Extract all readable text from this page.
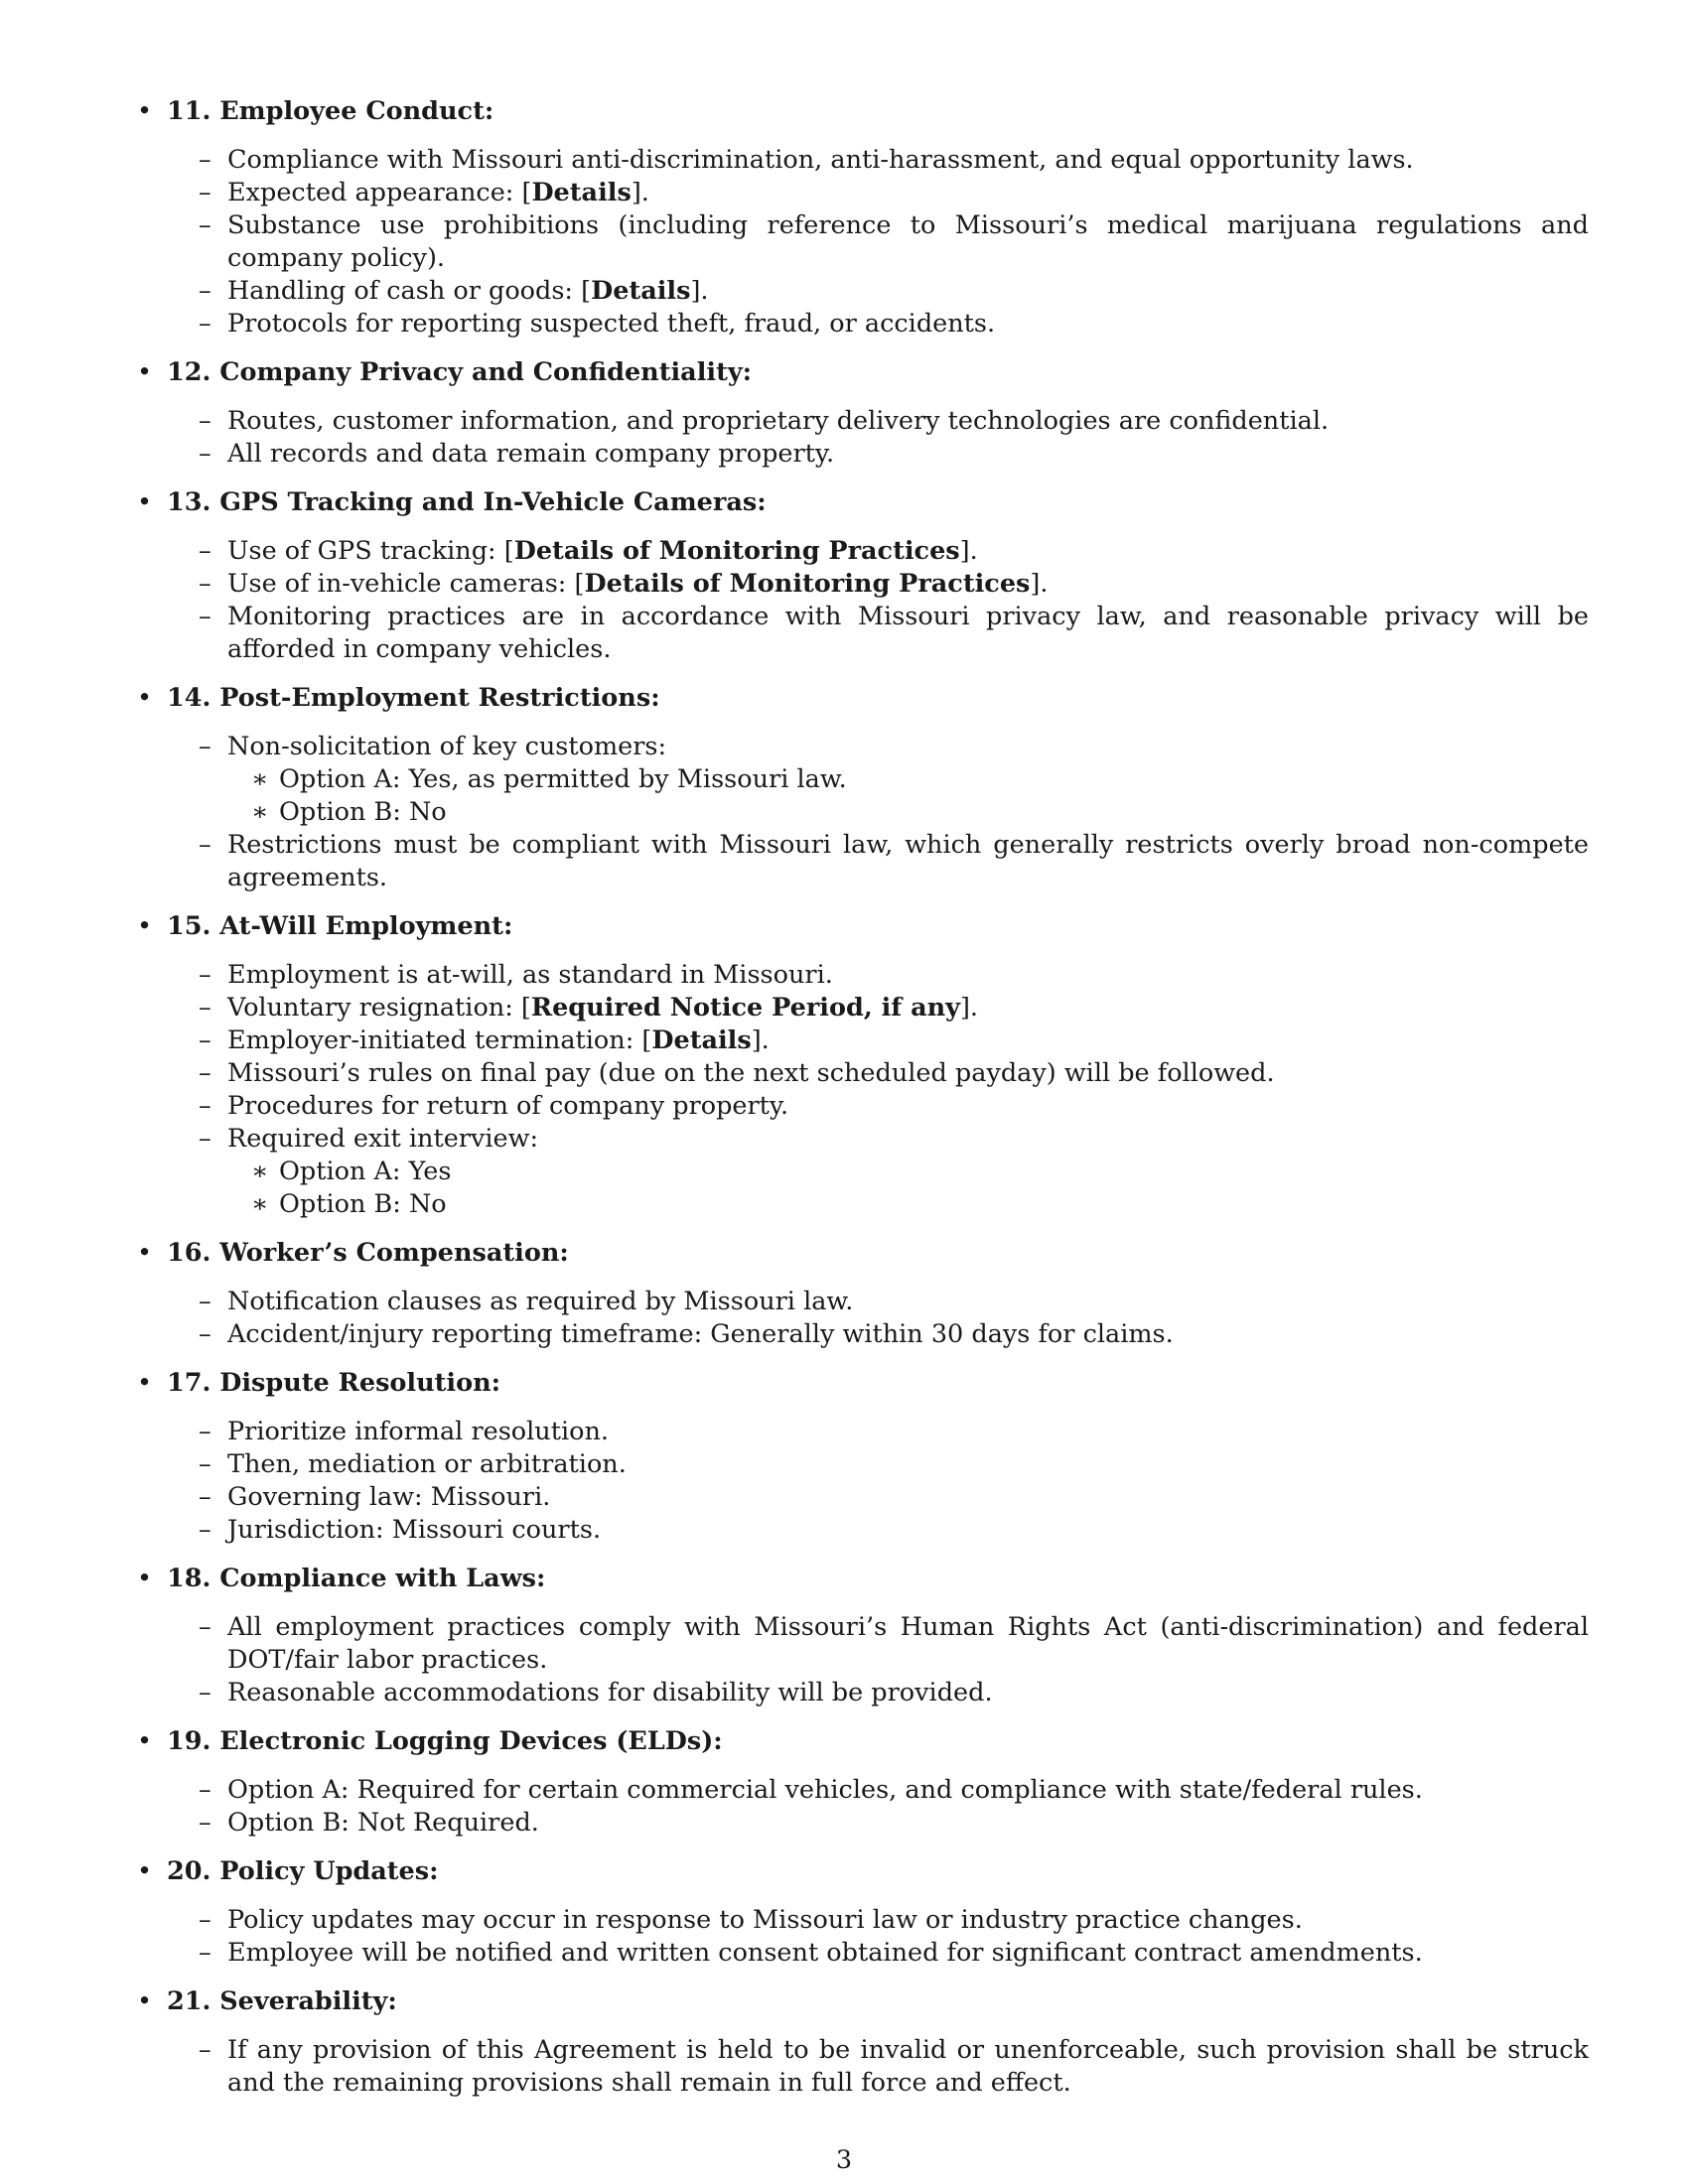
• 11. Employee Conduct:
– Compliance with Missouri anti-discrimination, anti-harassment, and equal opportunity laws.
– Expected appearance: [Details].
– Substance use prohibitions (including reference to Missouri’s medical marijuana regulations and company policy).
– Handling of cash or goods: [Details].
– Protocols for reporting suspected theft, fraud, or accidents.
• 12. Company Privacy and Confidentiality:
– Routes, customer information, and proprietary delivery technologies are confidential.
– All records and data remain company property.
• 13. GPS Tracking and In-Vehicle Cameras:
– Use of GPS tracking: [Details of Monitoring Practices].
– Use of in-vehicle cameras: [Details of Monitoring Practices].
– Monitoring practices are in accordance with Missouri privacy law, and reasonable privacy will be afforded in company vehicles.
• 14. Post-Employment Restrictions:
– Non-solicitation of key customers:
∗ Option A: Yes, as permitted by Missouri law.
∗ Option B: No
– Restrictions must be compliant with Missouri law, which generally restricts overly broad non-compete agreements.
• 15. At-Will Employment:
– Employment is at-will, as standard in Missouri.
– Voluntary resignation: [Required Notice Period, if any].
– Employer-initiated termination: [Details].
– Missouri’s rules on final pay (due on the next scheduled payday) will be followed.
– Procedures for return of company property.
– Required exit interview:
∗ Option A: Yes
∗ Option B: No
• 16. Worker’s Compensation:
– Notification clauses as required by Missouri law.
– Accident/injury reporting timeframe: Generally within 30 days for claims.
• 17. Dispute Resolution:
– Prioritize informal resolution.
– Then, mediation or arbitration.
– Governing law: Missouri.
– Jurisdiction: Missouri courts.
• 18. Compliance with Laws:
– All employment practices comply with Missouri’s Human Rights Act (anti-discrimination) and federal DOT/fair labor practices.
– Reasonable accommodations for disability will be provided.
• 19. Electronic Logging Devices (ELDs):
– Option A: Required for certain commercial vehicles, and compliance with state/federal rules.
– Option B: Not Required.
• 20. Policy Updates:
– Policy updates may occur in response to Missouri law or industry practice changes.
– Employee will be notified and written consent obtained for significant contract amendments.
• 21. Severability:
– If any provision of this Agreement is held to be invalid or unenforceable, such provision shall be struck and the remaining provisions shall remain in full force and effect.
3
